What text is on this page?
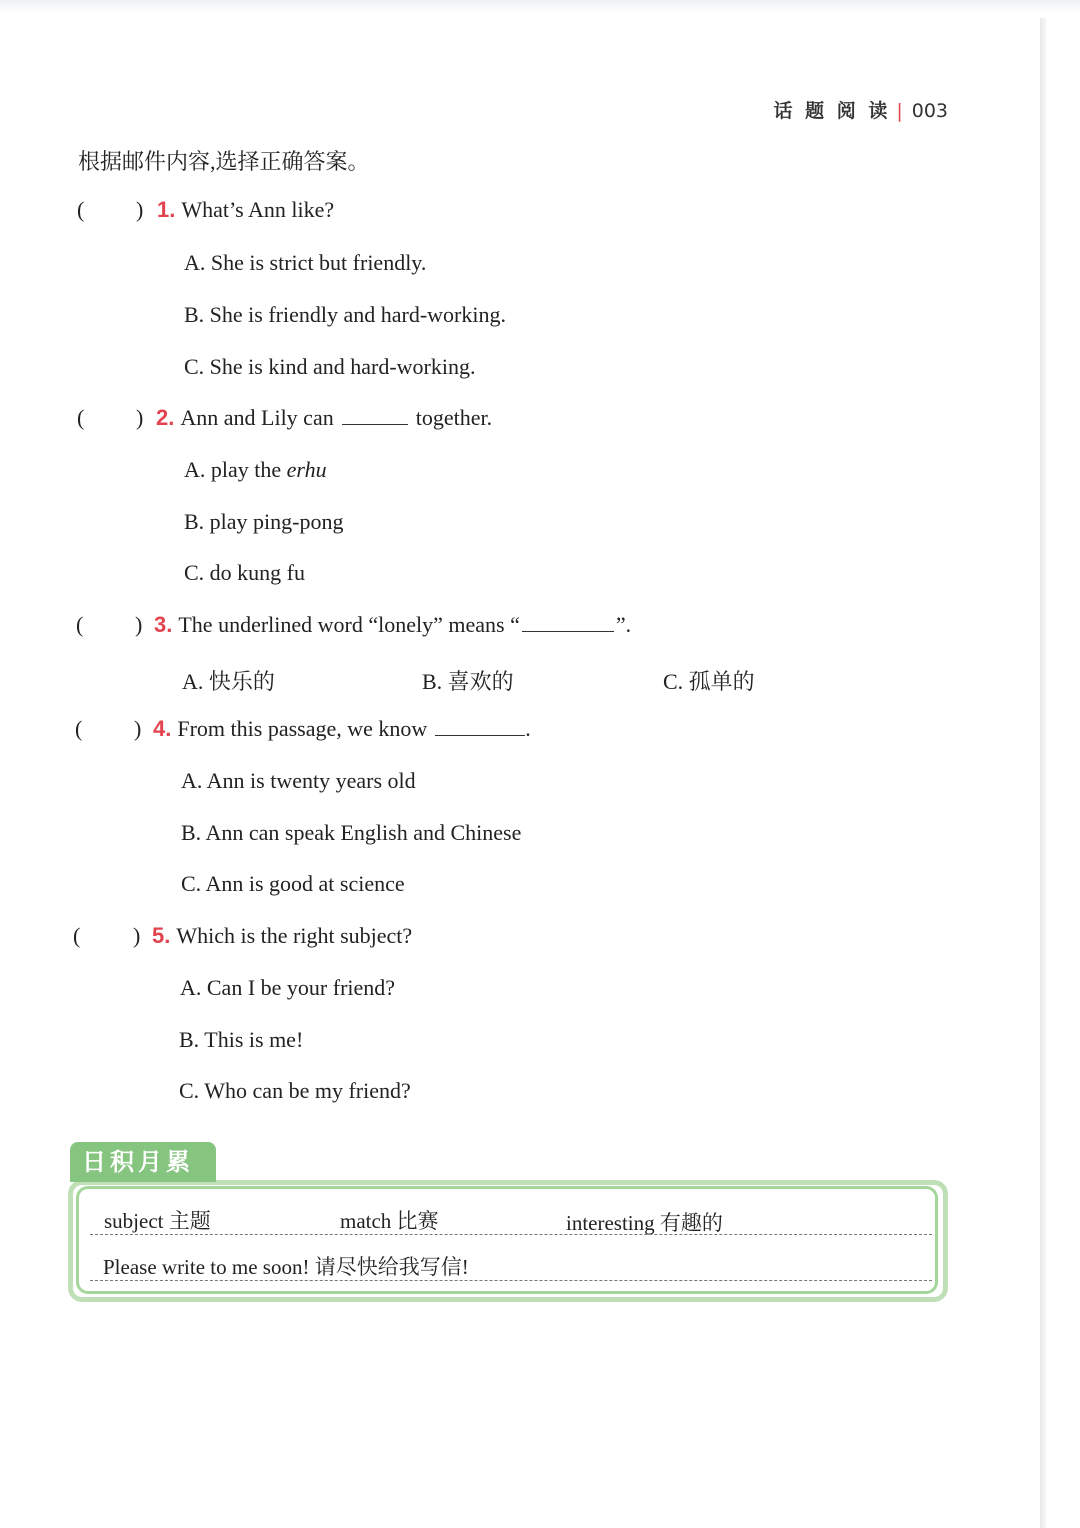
话 题 阅 读 | 003
根据邮件内容,选择正确答案。
( ) 1. What’s Ann like?
A. She is strict but friendly.
B. She is friendly and hard-working.
C. She is kind and hard-working.
( ) 2. Ann and Lily can	together.
A. play the erhu
B. play ping-pong
C. do kung fu
( ) 3. The underlined word “lonely” means “	”.
A. 快乐的	B. 喜欢的	C. 孤单的
( ) 4. From this passage, we know	.
A. Ann is twenty years old
B. Ann can speak English and Chinese
C. Ann is good at science
( ) 5. Which is the right subject?
A. Can I be your friend?
B. This is me!
C. Who can be my friend?
日积月累
subject 主题	match 比赛	interesting 有趣的
Please write to me soon! 请尽快给我写信!
